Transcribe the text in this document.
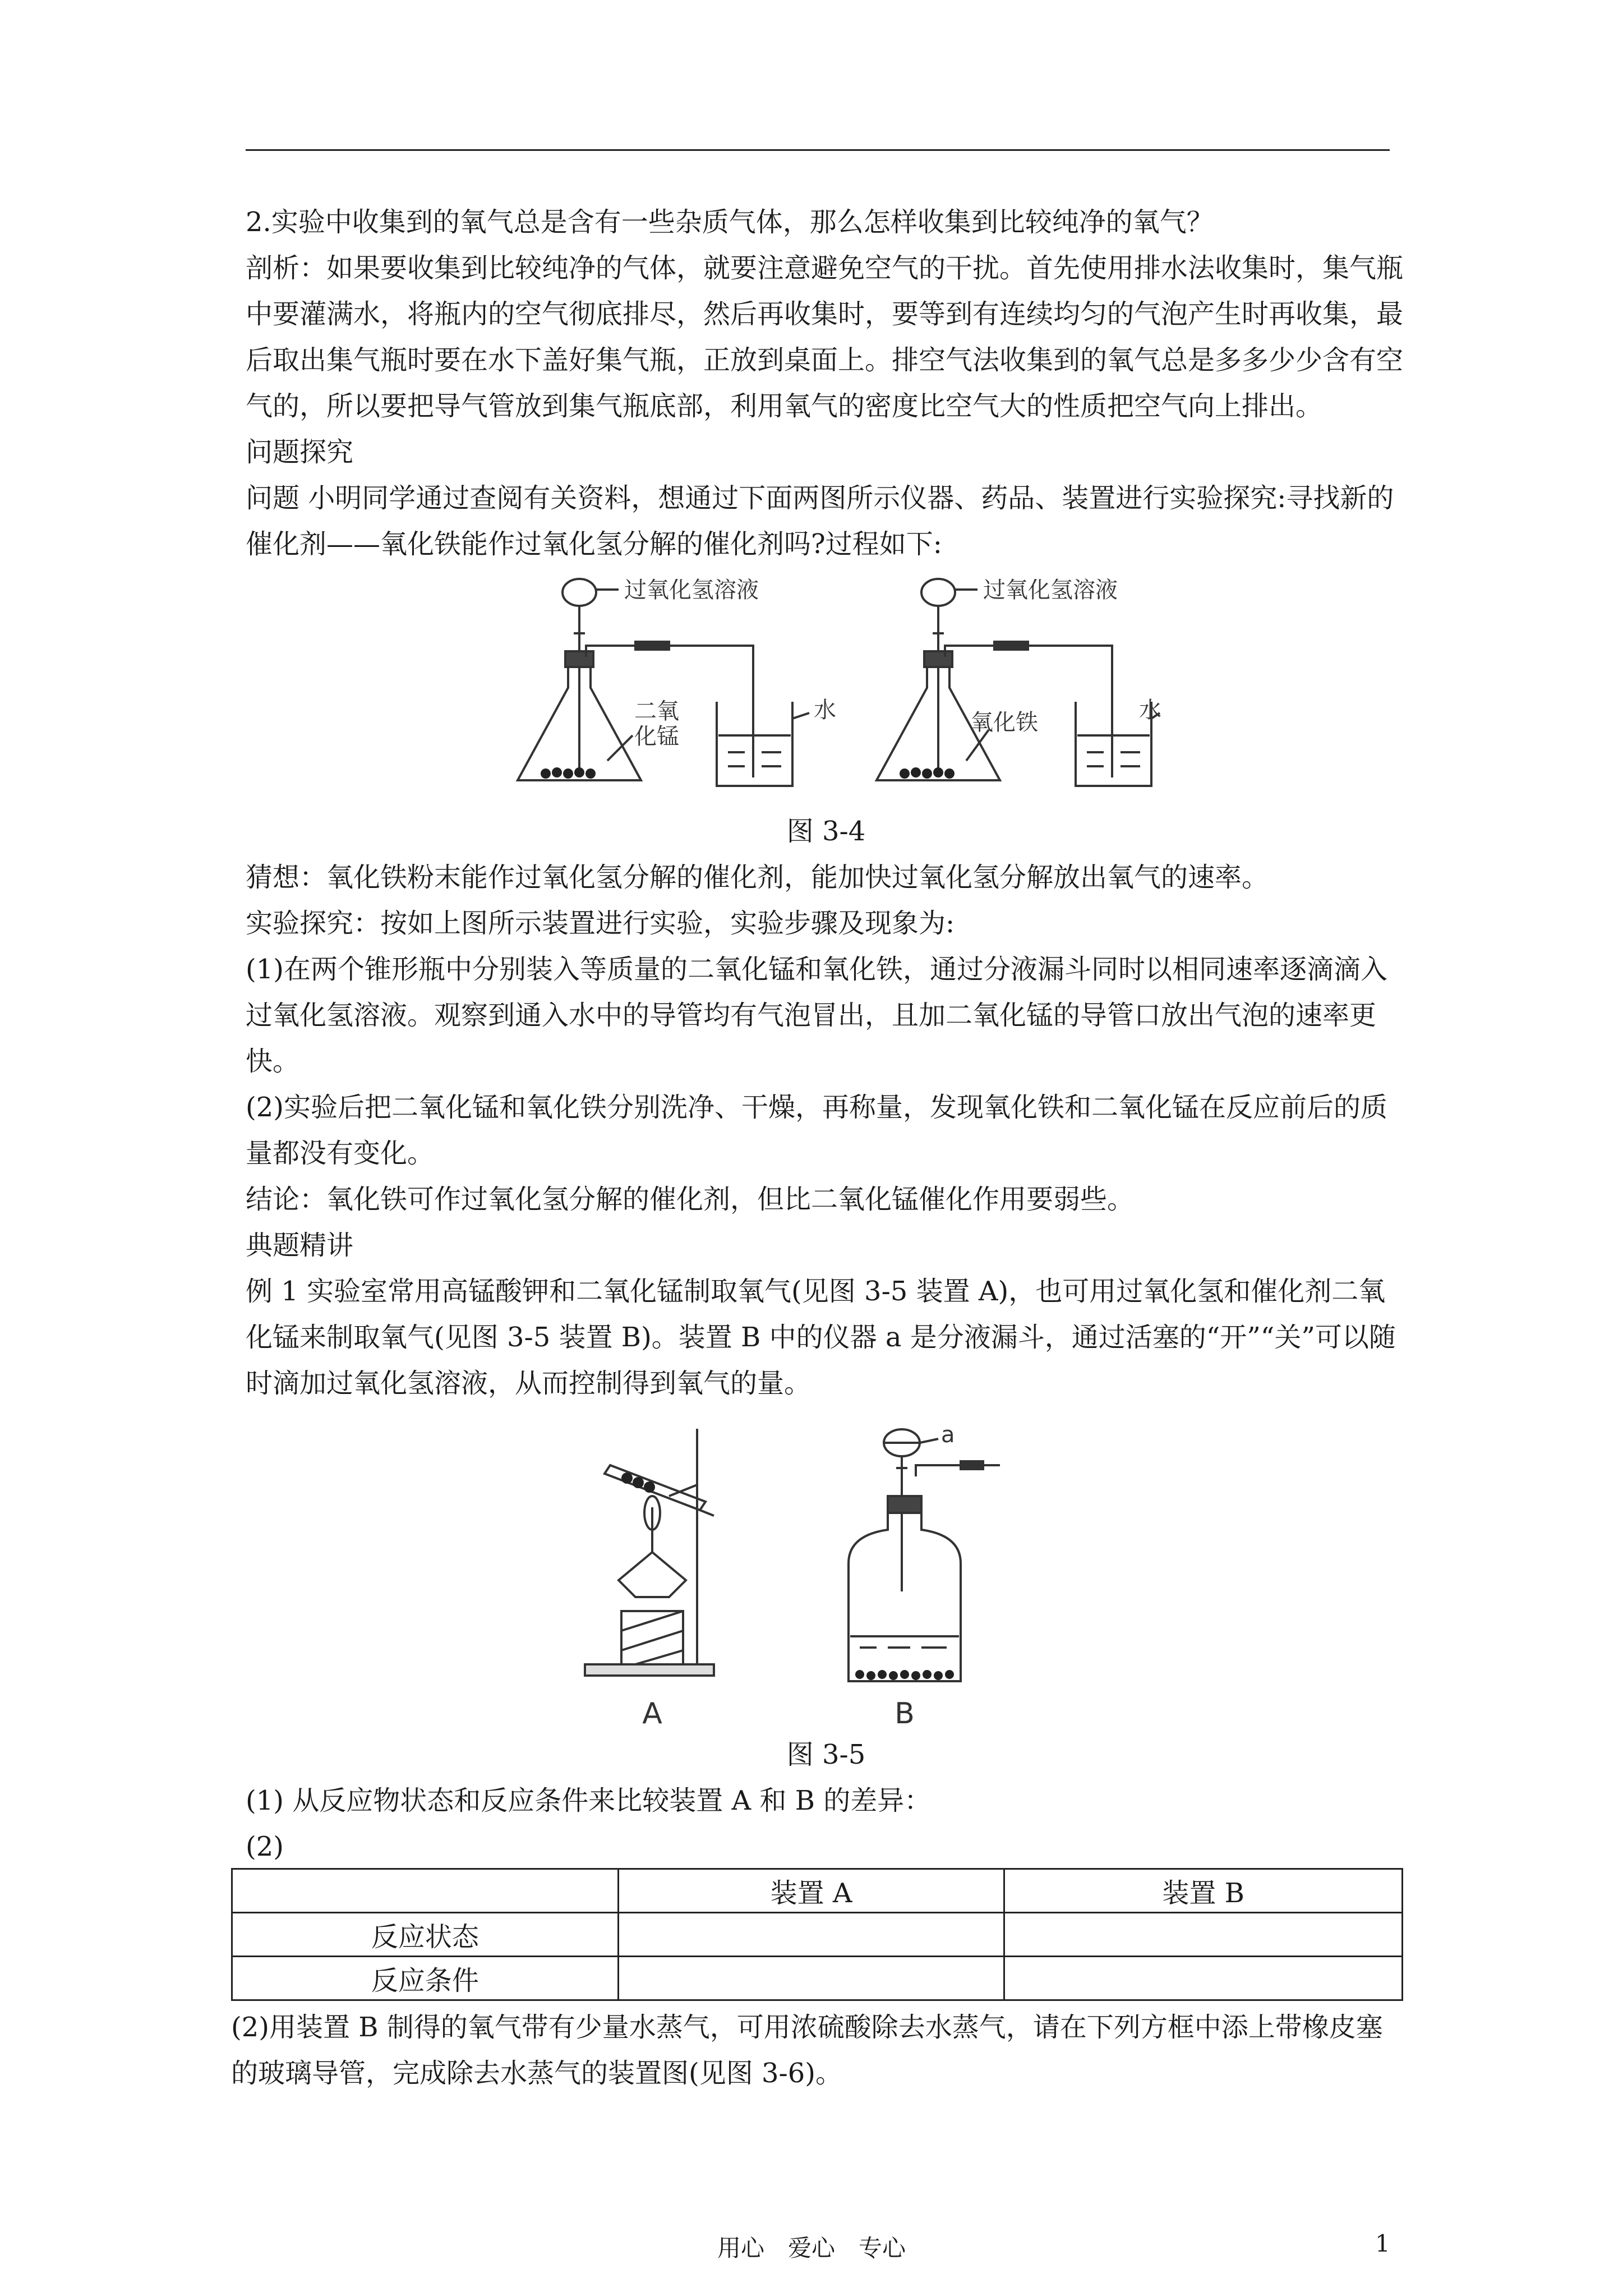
2.实验中收集到的氧气总是含有一些杂质气体，那么怎样收集到比较纯净的氧气？

剖析：如果要收集到比较纯净的气体，就要注意避免空气的干扰。首先使用排水法收集时，集气瓶中要灌满水，将瓶内的空气彻底排尽，然后再收集时，要等到有连续均匀的气泡产生时再收集，最后取出集气瓶时要在水下盖好集气瓶，正放到桌面上。排空气法收集到的氧气总是多多少少含有空气的，所以要把导气管放到集气瓶底部，利用氧气的密度比空气大的性质把空气向上排出。

问题探究

问题 小明同学通过查阅有关资料，想通过下面两图所示仪器、药品、装置进行实验探究:寻找新的催化剂——氧化铁能作过氧化氢分解的催化剂吗?过程如下:

过氧化氢溶液
二氧
化锰
水
过氧化氢溶液
氧化铁	水

图 3-4

猜想：氧化铁粉末能作过氧化氢分解的催化剂，能加快过氧化氢分解放出氧气的速率。

实验探究：按如上图所示装置进行实验，实验步骤及现象为:

(1)在两个锥形瓶中分别装入等质量的二氧化锰和氧化铁，通过分液漏斗同时以相同速率逐滴滴入过氧化氢溶液。观察到通入水中的导管均有气泡冒出，且加二氧化锰的导管口放出气泡的速率更快。

(2)实验后把二氧化锰和氧化铁分别洗净、干燥，再称量，发现氧化铁和二氧化锰在反应前后的质量都没有变化。

结论：氧化铁可作过氧化氢分解的催化剂，但比二氧化锰催化作用要弱些。

典题精讲

例 1 实验室常用高锰酸钾和二氧化锰制取氧气(见图 3-5 装置 A)，也可用过氧化氢和催化剂二氧化锰来制取氧气(见图 3-5 装置 B)。装置 B 中的仪器 a 是分液漏斗，通过活塞的“开”“关”可以随时滴加过氧化氢溶液，从而控制得到氧气的量。

a
A	B

图 3-5

(1) 从反应物状态和反应条件来比较装置 A 和 B 的差异：

(2)

	装置 A	装置 B
反应状态		
反应条件		

(2)用装置 B 制得的氧气带有少量水蒸气，可用浓硫酸除去水蒸气，请在下列方框中添上带橡皮塞的玻璃导管，完成除去水蒸气的装置图(见图 3-6)。

用心　爱心　专心	1
